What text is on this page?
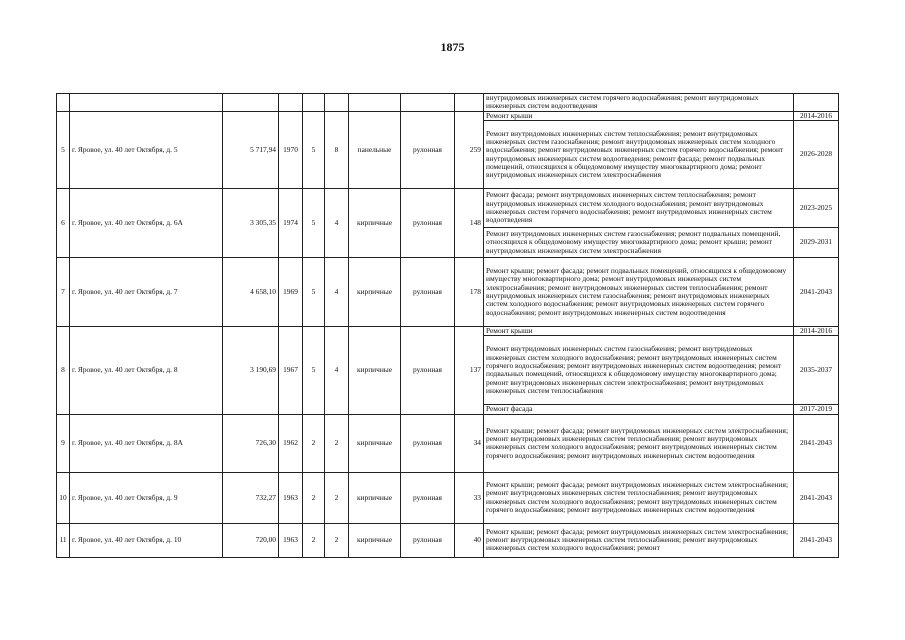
1875
									внутридомовых инженерных систем горячего водоснабжения; ремонт внутридомовых инженерных систем водоотведения	
5	г. Яровое, ул. 40 лет Октября, д. 5	5 717,94	1970	5	8	панельные	рулонная	259	Ремонт крыши	2014-2016
									Ремонт внутридомовых инженерных систем теплоснабжения; ремонт внутридомовых инженерных систем газоснабжения; ремонт внутридомовых инженерных систем холодного водоснабжения; ремонт внутридомовых инженерных систем горячего водоснабжения; ремонт внутридомовых инженерных систем водоотведения; ремонт фасада; ремонт подвальных помещений, относящихся к общедомовому имуществу многоквартирного дома; ремонт внутридомовых инженерных систем электроснабжения	2026-2028
6	г. Яровое, ул. 40 лет Октября, д. 6А	3 305,35	1974	5	4	кирпичные	рулонная	148	Ремонт фасада; ремонт внутридомовых инженерных систем теплоснабжения; ремонт внутридомовых инженерных систем холодного водоснабжения; ремонт внутридомовых инженерных систем горячего водоснабжения; ремонт внутридомовых инженерных систем водоотведения	2023-2025
									Ремонт внутридомовых инженерных систем газоснабжения; ремонт подвальных помещений, относящихся к общедомовому имуществу многоквартирного дома; ремонт крыши; ремонт внутридомовых инженерных систем электроснабжения	2029-2031
7	г. Яровое, ул. 40 лет Октября, д. 7	4 658,10	1969	5	4	кирпичные	рулонная	178	Ремонт крыши; ремонт фасада; ремонт подвальных помещений, относящихся к общедомовому имуществу многоквартирного дома; ремонт внутридомовых инженерных систем электроснабжения; ремонт внутридомовых инженерных систем теплоснабжения; ремонт внутридомовых инженерных систем газоснабжения; ремонт внутридомовых инженерных систем холодного водоснабжения; ремонт внутридомовых инженерных систем горячего водоснабжения; ремонт внутридомовых инженерных систем водоотведения	2041-2043
8	г. Яровое, ул. 40 лет Октября, д. 8	3 190,69	1967	5	4	кирпичные	рулонная	137	Ремонт крыши	2014-2016
									Ремонт внутридомовых инженерных систем газоснабжения; ремонт внутридомовых инженерных систем холодного водоснабжения; ремонт внутридомовых инженерных систем горячего водоснабжения; ремонт внутридомовых инженерных систем водоотведения; ремонт подвальных помещений, относящихся к общедомовому имуществу многоквартирного дома; ремонт внутридомовых инженерных систем электроснабжения; ремонт внутридомовых инженерных систем теплоснабжения	2035-2037
									Ремонт фасада	2017-2019
9	г. Яровое, ул. 40 лет Октября, д. 8А	726,30	1962	2	2	кирпичные	рулонная	34	Ремонт крыши; ремонт фасада; ремонт внутридомовых инженерных систем электроснабжения; ремонт внутридомовых инженерных систем теплоснабжения; ремонт внутридомовых инженерных систем холодного водоснабжения; ремонт внутридомовых инженерных систем горячего водоснабжения; ремонт внутридомовых инженерных систем водоотведения	2041-2043
10	г. Яровое, ул. 40 лет Октября, д. 9	732,27	1963	2	2	кирпичные	рулонная	33	Ремонт крыши; ремонт фасада; ремонт внутридомовых инженерных систем электроснабжения; ремонт внутридомовых инженерных систем теплоснабжения; ремонт внутридомовых инженерных систем холодного водоснабжения; ремонт внутридомовых инженерных систем горячего водоснабжения; ремонт внутридомовых инженерных систем водоотведения	2041-2043
11	г. Яровое, ул. 40 лет Октября, д. 10	720,00	1963	2	2	кирпичные	рулонная	40	Ремонт крыши; ремонт фасада; ремонт внутридомовых инженерных систем электроснабжения; ремонт внутридомовых инженерных систем теплоснабжения; ремонт внутридомовых инженерных систем холодного водоснабжения; ремонт	2041-2043
